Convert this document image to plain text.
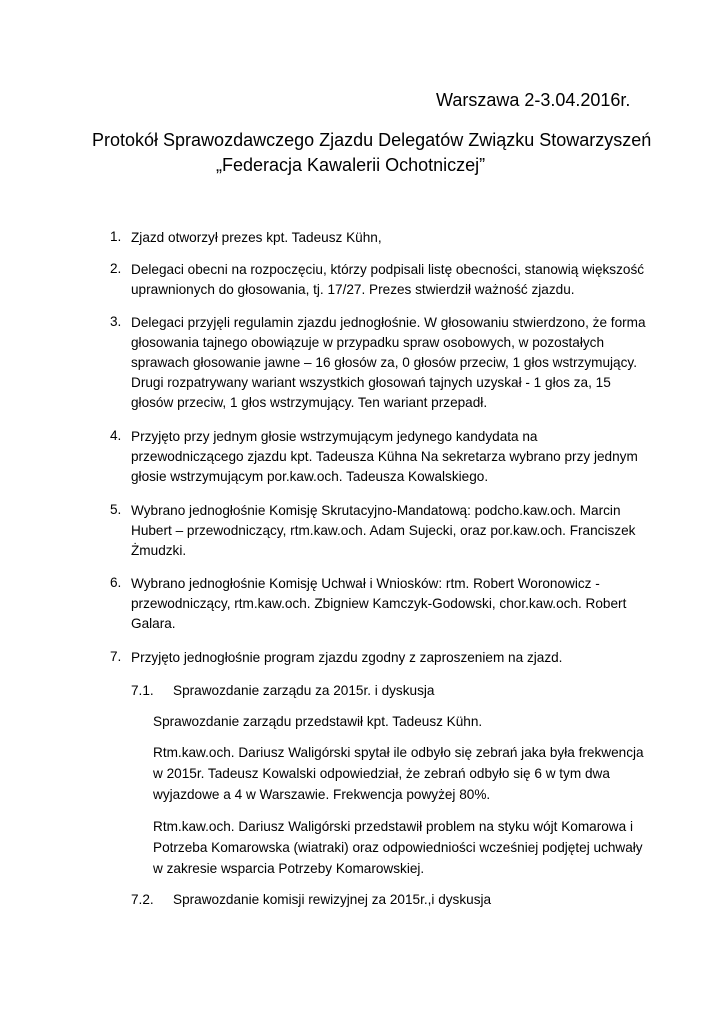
Warszawa 2-3.04.2016r.
Protokół Sprawozdawczego Zjazdu Delegatów Związku Stowarzyszeń
„Federacja Kawalerii Ochotniczej”
1. Zjazd otworzył prezes kpt. Tadeusz Kühn,
2. Delegaci obecni na rozpoczęciu, którzy podpisali listę obecności, stanowią większość
uprawnionych do głosowania, tj. 17/27. Prezes stwierdził ważność zjazdu.
3. Delegaci przyjęli regulamin zjazdu jednogłośnie. W głosowaniu stwierdzono, że forma
głosowania tajnego obowiązuje w przypadku spraw osobowych, w pozostałych
sprawach głosowanie jawne – 16 głosów za, 0 głosów przeciw, 1 głos wstrzymujący.
Drugi rozpatrywany wariant wszystkich głosowań tajnych uzyskał - 1 głos za, 15
głosów przeciw, 1 głos wstrzymujący. Ten wariant przepadł.
4. Przyjęto przy jednym głosie wstrzymującym jedynego kandydata na
przewodniczącego zjazdu kpt. Tadeusza Kühna Na sekretarza wybrano przy jednym
głosie wstrzymującym por.kaw.och. Tadeusza Kowalskiego.
5. Wybrano jednogłośnie Komisję Skrutacyjno-Mandatową: podcho.kaw.och. Marcin
Hubert – przewodniczący, rtm.kaw.och. Adam Sujecki, oraz por.kaw.och. Franciszek
Żmudzki.
6. Wybrano jednogłośnie Komisję Uchwał i Wniosków: rtm. Robert Woronowicz -
przewodniczący, rtm.kaw.och. Zbigniew Kamczyk-Godowski, chor.kaw.och. Robert
Galara.
7. Przyjęto jednogłośnie program zjazdu zgodny z zaproszeniem na zjazd.
7.1. Sprawozdanie zarządu za 2015r. i dyskusja
Sprawozdanie zarządu przedstawił kpt. Tadeusz Kühn.
Rtm.kaw.och. Dariusz Waligórski spytał ile odbyło się zebrań jaka była frekwencja
w 2015r. Tadeusz Kowalski odpowiedział, że zebrań odbyło się 6 w tym dwa
wyjazdowe a 4 w Warszawie. Frekwencja powyżej 80%.
Rtm.kaw.och. Dariusz Waligórski przedstawił problem na styku wójt Komarowa i
Potrzeba Komarowska (wiatraki) oraz odpowiedniości wcześniej podjętej uchwały
w zakresie wsparcia Potrzeby Komarowskiej.
7.2. Sprawozdanie komisji rewizyjnej za 2015r.,i dyskusja
